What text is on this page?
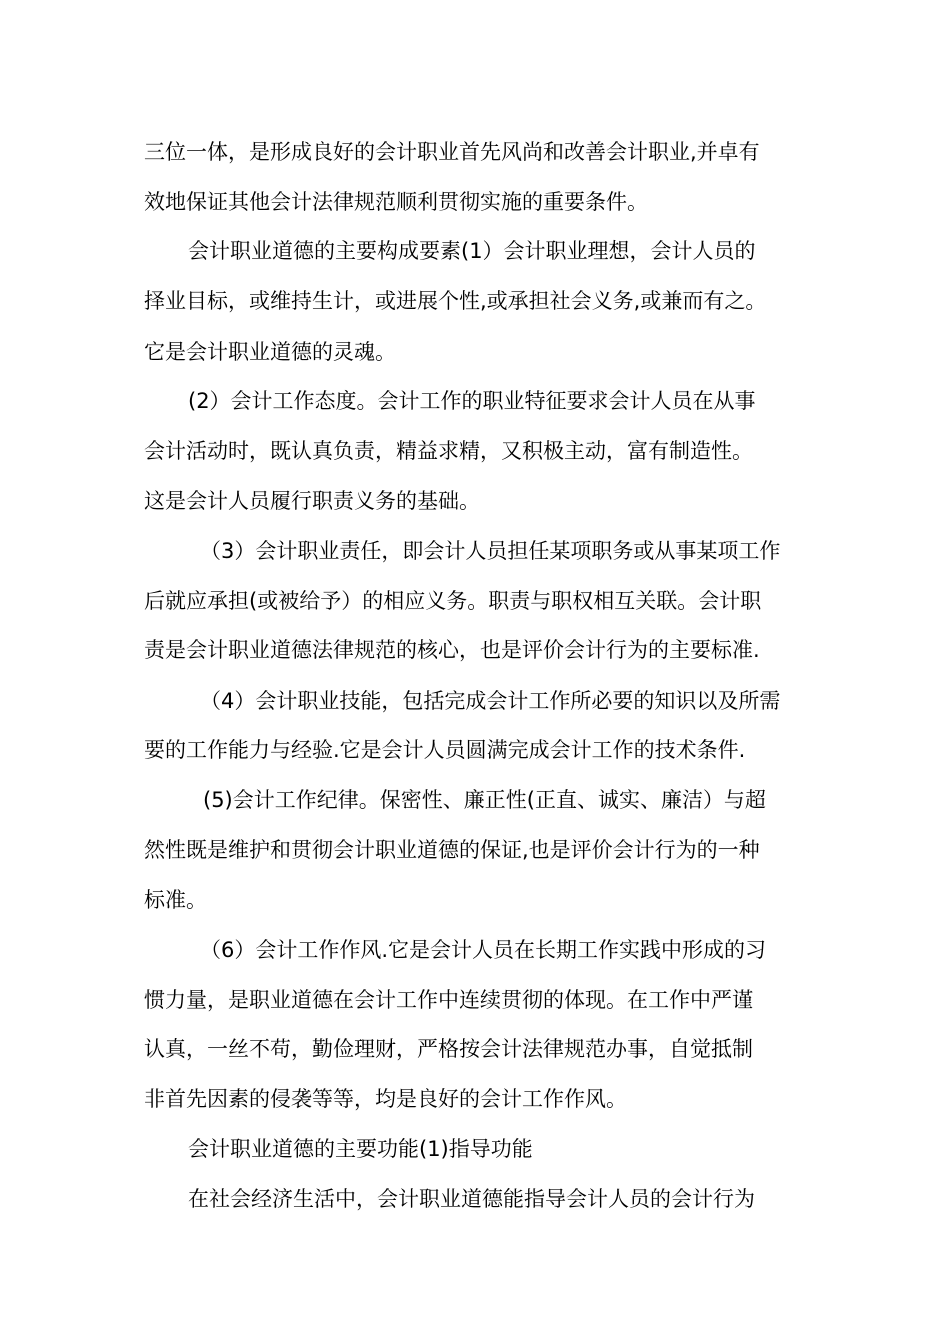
三位一体，是形成良好的会计职业首先风尚和改善会计职业,并卓有
效地保证其他会计法律规范顺利贯彻实施的重要条件。
会计职业道德的主要构成要素(1）会计职业理想，会计人员的
择业目标，或维持生计，或进展个性,或承担社会义务,或兼而有之。
它是会计职业道德的灵魂。
(2）会计工作态度。会计工作的职业特征要求会计人员在从事
会计活动时，既认真负责，精益求精，又积极主动，富有制造性。
这是会计人员履行职责义务的基础。
（3）会计职业责任，即会计人员担任某项职务或从事某项工作
后就应承担(或被给予）的相应义务。职责与职权相互关联。会计职
责是会计职业道德法律规范的核心，也是评价会计行为的主要标准.
（4）会计职业技能，包括完成会计工作所必要的知识以及所需
要的工作能力与经验.它是会计人员圆满完成会计工作的技术条件.
(5)会计工作纪律。保密性、廉正性(正直、诚实、廉洁）与超
然性既是维护和贯彻会计职业道德的保证,也是评价会计行为的一种
标准。
（6）会计工作作风.它是会计人员在长期工作实践中形成的习
惯力量，是职业道德在会计工作中连续贯彻的体现。在工作中严谨
认真，一丝不苟，勤俭理财，严格按会计法律规范办事，自觉抵制
非首先因素的侵袭等等，均是良好的会计工作作风。
会计职业道德的主要功能(1)指导功能
在社会经济生活中，会计职业道德能指导会计人员的会计行为
